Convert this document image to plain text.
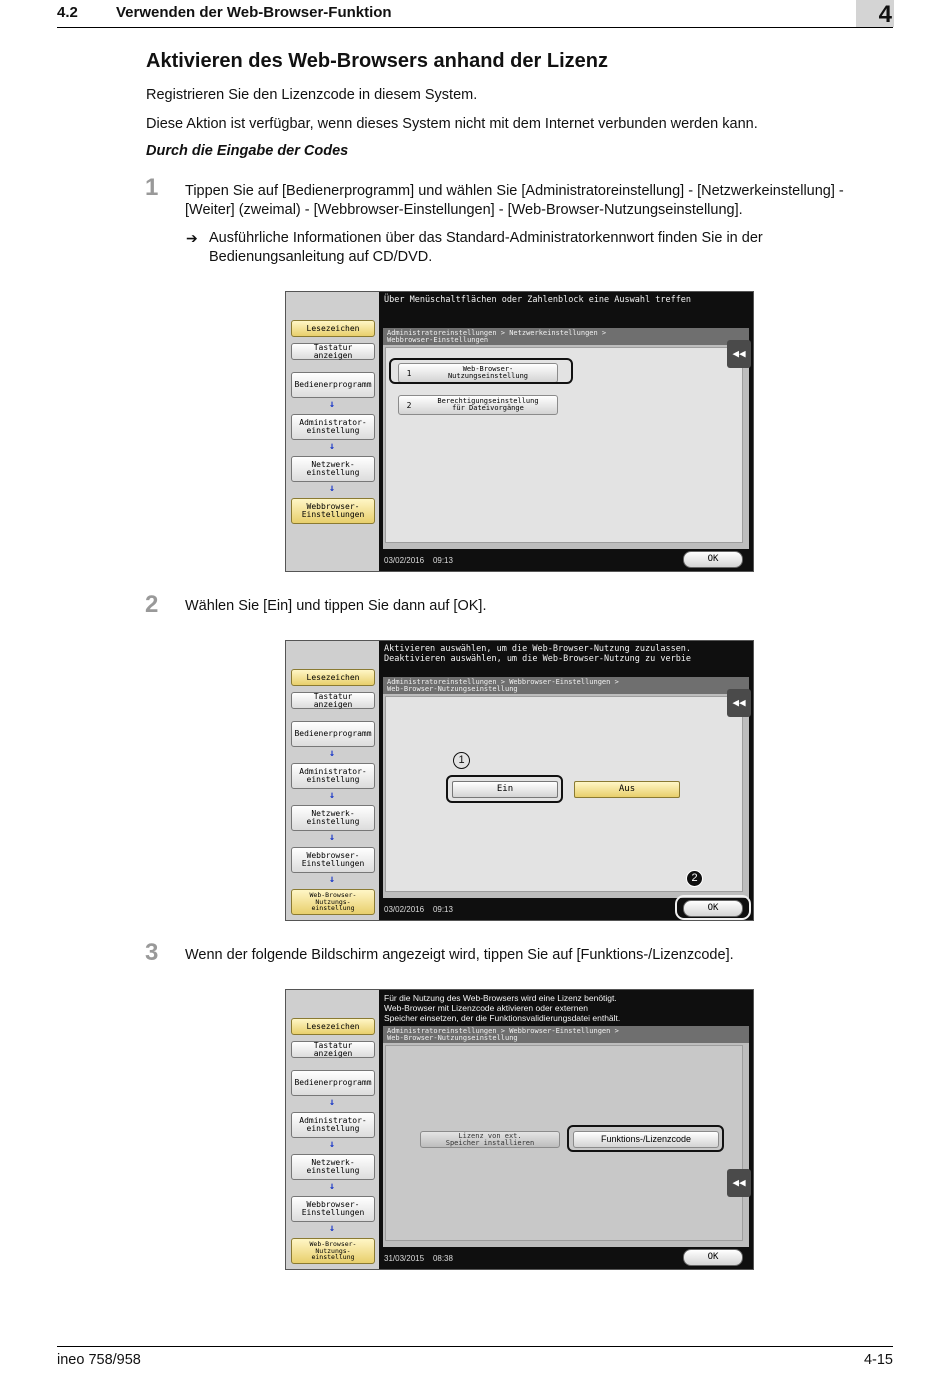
4.2	Verwenden der Web-Browser-Funktion	4
Aktivieren des Web-Browsers anhand der Lizenz
Registrieren Sie den Lizenzcode in diesem System.
Diese Aktion ist verfügbar, wenn dieses System nicht mit dem Internet verbunden werden kann.
Durch die Eingabe der Codes
1 Tippen Sie auf [Bedienerprogramm] und wählen Sie [Administratoreinstellung] - [Netzwerkeinstellung] - [Weiter] (zweimal) - [Webbrowser-Einstellungen] - [Web-Browser-Nutzungseinstellung].
➔ Ausführliche Informationen über das Standard-Administratorkennwort finden Sie in der Bedienungsanleitung auf CD/DVD.
Lesezeichen
Tastatur
anzeigen
Bedienerprogramm
↓
Administrator-
einstellung
↓
Netzwerk-
einstellung
↓
Webbrowser-
Einstellungen
Über Menüschaltflächen oder Zahlenblock eine Auswahl treffen
Administratoreinstellungen > Netzwerkeinstellungen >
Webbrowser-Einstellungen
1	Web-Browser-
Nutzungseinstellung
2	Berechtigungseinstellung
für Dateivorgänge
◀◀
03/02/2016 09:13	OK
2 Wählen Sie [Ein] und tippen Sie dann auf [OK].
Lesezeichen
Tastatur
anzeigen
Bedienerprogramm
↓
Administrator-
einstellung
↓
Netzwerk-
einstellung
↓
Webbrowser-
Einstellungen
↓
Web-Browser-
Nutzungs-
einstellung
Aktivieren auswählen, um die Web-Browser-Nutzung zuzulassen.
Deaktivieren auswählen, um die Web-Browser-Nutzung zu verbie
Administratoreinstellungen > Webbrowser-Einstellungen >
Web-Browser-Nutzungseinstellung
1
Ein	Aus
◀◀
2
03/02/2016 09:13	OK
3 Wenn der folgende Bildschirm angezeigt wird, tippen Sie auf [Funktions-/Lizenzcode].
Lesezeichen
Tastatur
anzeigen
Bedienerprogramm
↓
Administrator-
einstellung
↓
Netzwerk-
einstellung
↓
Webbrowser-
Einstellungen
↓
Web-Browser-
Nutzungs-
einstellung
Für die Nutzung des Web-Browsers wird eine Lizenz benötigt.
Web-Browser mit Lizenzcode aktivieren oder externen
Speicher einsetzen, der die Funktionsvalidierungsdatei enthält.
Administratoreinstellungen > Webbrowser-Einstellungen >
Web-Browser-Nutzungseinstellung
Lizenz von ext.
Speicher installieren	Funktions-/Lizenzcode
◀◀
31/03/2015 08:38	OK
ineo 758/958	4-15
